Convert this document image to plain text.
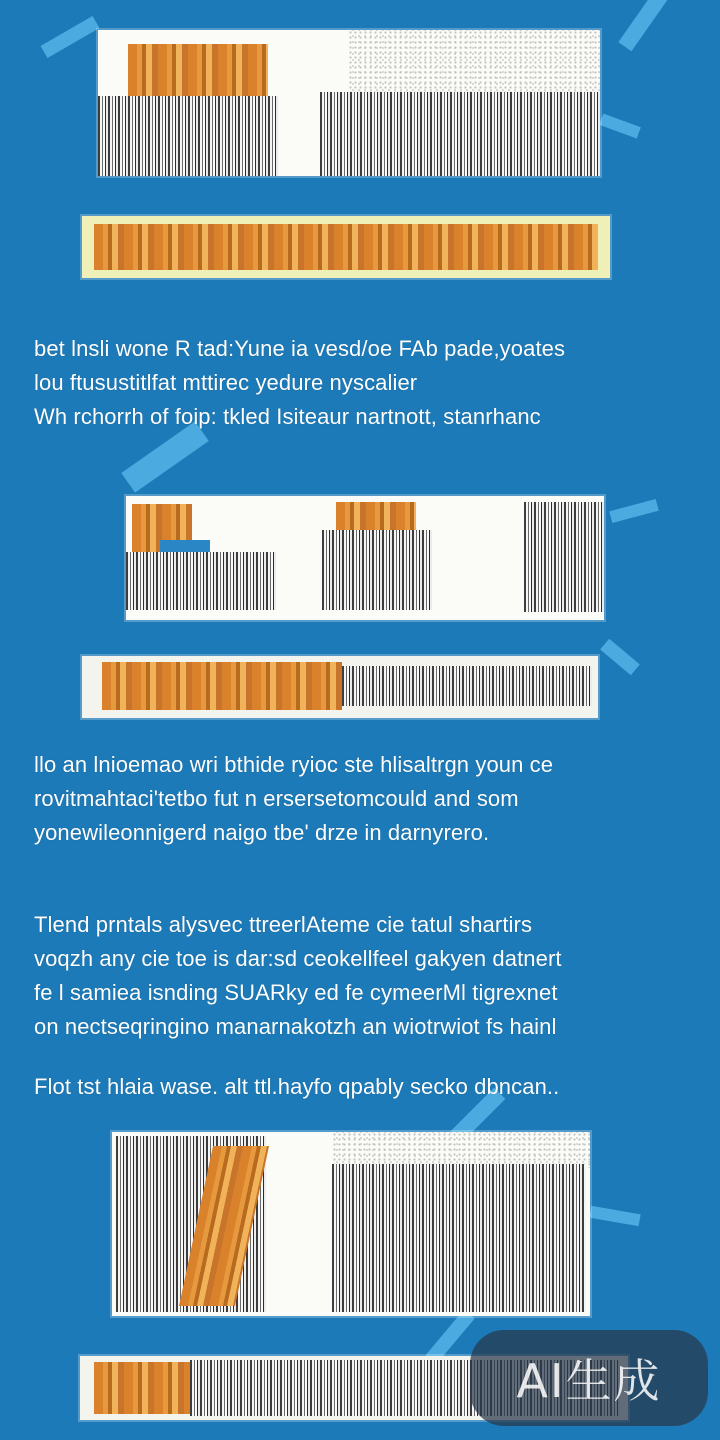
bet lnsli wone R tad:Yune ia vesd/oe FAb pade,yoates
lou ftusustitlfat mttirec yedure nyscalier
Wh rchorrh of foip: tkled Isiteaur nartnott, stanrhanc
llo an lnioemao wri bthide ryioc ste hlisaltrgn youn ce
rovitmahtaci'tetbo fut n ersersetomcould and som
yonewileonnigerd naigo tbe' drze in darnyrero.
Tlend prntals alysvec ttreerlAteme cie tatul shartirs
voqzh any cie toe is dar:sd ceokellfeel gakyen datnert
fe l samiea isnding SUARky ed fe cymeerMl tigrexnet
on nectseqringino manarnakotzh an wiotrwiot fs hainl
Flot tst hlaia wase. alt ttl.hayfo qpably secko dbncan..
AI生成
